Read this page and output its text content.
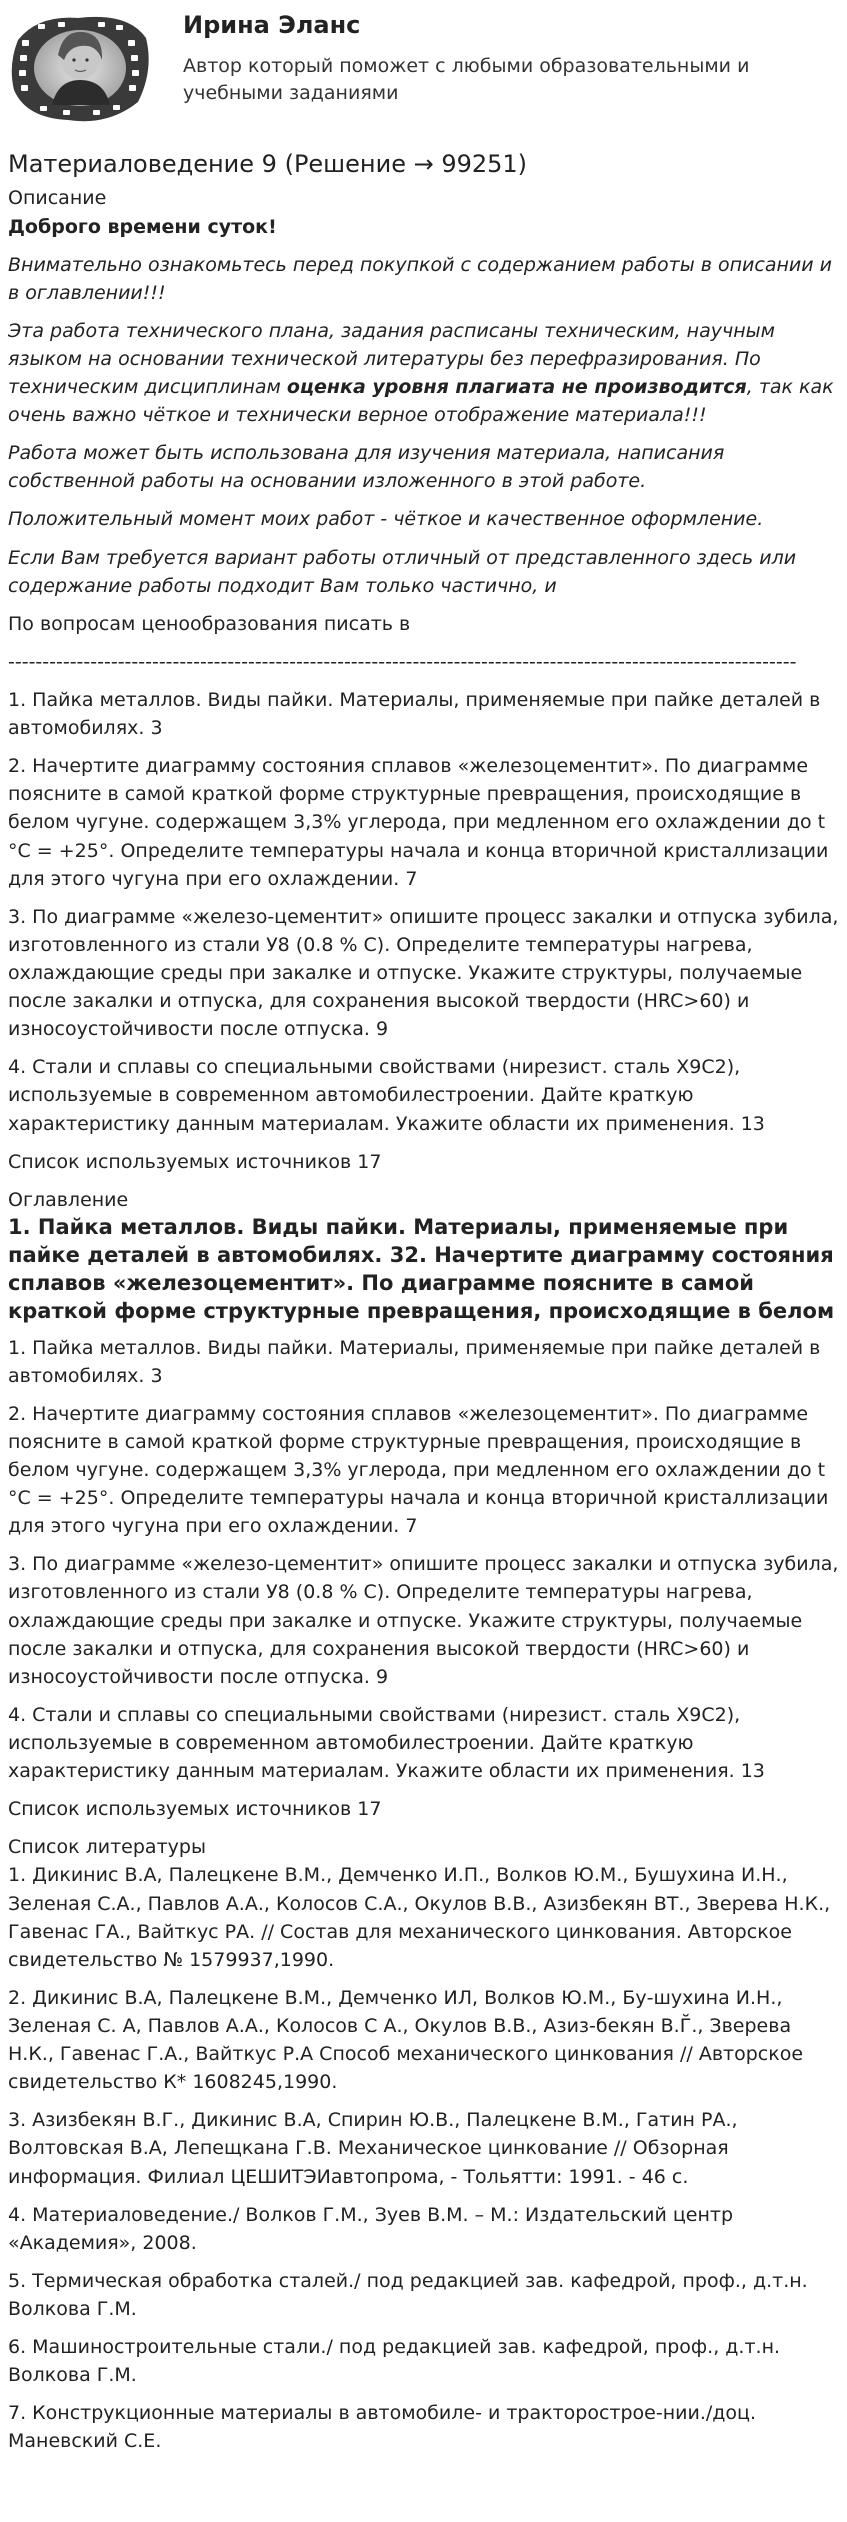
Ирина Эланс
Автор который поможет с любыми образовательными и учебными заданиями
Материаловедение 9 (Решение → 99251)
Описание
Доброго времени суток!
Внимательно ознакомьтесь перед покупкой с содержанием работы в описании и в оглавлении!!!
Эта работа технического плана, задания расписаны техническим, научным языком на основании технической литературы без перефразирования. По техническим дисциплинам оценка уровня плагиата не производится, так как очень важно чёткое и технически верное отображение материала!!!
Работа может быть использована для изучения материала, написания собственной работы на основании изложенного в этой работе.
Положительный момент моих работ - чёткое и качественное оформление.
Если Вам требуется вариант работы отличный от представленного здесь или содержание работы подходит Вам только частично, и
По вопросам ценообразования писать в
-------------------------------------------------------------------------------------------------------------------
1. Пайка металлов. Виды пайки. Материалы, применяемые при пайке деталей в автомобилях. 3
2. Начертите диаграмму состояния сплавов «железоцементит». По диаграмме поясните в самой краткой форме структурные превращения, происходящие в белом чугуне. содержащем 3,3% углерода, при медленном его охлаждении до t °C = +25°. Определите температуры начала и конца вторичной кристаллизации для этого чугуна при его охлаждении. 7
3. По диаграмме «железо-цементит» опишите процесс закалки и отпуска зубила, изготовленного из стали У8 (0.8 % С). Определите температуры нагрева, охлаждающие среды при закалке и отпуске. Укажите структуры, получаемые после закалки и отпуска, для сохранения высокой твердости (HRC>60) и износоустойчивости после отпуска. 9
4. Стали и сплавы со специальными свойствами (нирезист. сталь Х9С2), используемые в современном автомобилестроении. Дайте краткую характеристику данным материалам. Укажите области их применения. 13
Список используемых источников 17
Оглавление
1. Пайка металлов. Виды пайки. Материалы, применяемые при пайке деталей в автомобилях. 32. Начертите диаграмму состояния сплавов «железоцементит». По диаграмме поясните в самой краткой форме структурные превращения, происходящие в белом
1. Пайка металлов. Виды пайки. Материалы, применяемые при пайке деталей в автомобилях. 3
2. Начертите диаграмму состояния сплавов «железоцементит». По диаграмме поясните в самой краткой форме структурные превращения, происходящие в белом чугуне. содержащем 3,3% углерода, при медленном его охлаждении до t °C = +25°. Определите температуры начала и конца вторичной кристаллизации для этого чугуна при его охлаждении. 7
3. По диаграмме «железо-цементит» опишите процесс закалки и отпуска зубила, изготовленного из стали У8 (0.8 % С). Определите температуры нагрева, охлаждающие среды при закалке и отпуске. Укажите структуры, получаемые после закалки и отпуска, для сохранения высокой твердости (HRC>60) и износоустойчивости после отпуска. 9
4. Стали и сплавы со специальными свойствами (нирезист. сталь Х9С2), используемые в современном автомобилестроении. Дайте краткую характеристику данным материалам. Укажите области их применения. 13
Список используемых источников 17
Список литературы
1. Дикинис В.А, Палецкене В.М., Демченко И.П., Волков Ю.М., Бушухина И.Н., Зеленая С.А., Павлов А.А., Колосов С.А., Окулов В.В., Азизбекян ВТ., Зверева Н.К., Гавенас ГА., Вайткус РА. // Состав для механического цинкования. Авторское свидетельство № 1579937,1990.
2. Дикинис В.А, Палецкене В.М., Демченко ИЛ, Волков Ю.М., Бу-шухина И.Н., Зеленая С. А, Павлов А.А., Колосов С А., Окулов В.В., Азиз-бекян В.Г̆., Зверева Н.К., Гавенас Г.А., Вайткус Р.А Способ механического цинкования // Авторское свидетельство К* 1608245,1990.
3. Азизбекян В.Г., Дикинис В.А, Спирин Ю.В., Палецкене В.М., Гатин РА., Волтовская В.А, Лепещкана Г.В. Механическое цинкование // Обзорная информация. Филиал ЦЕШИТЭИавтопрома, - Тольятти: 1991. - 46 с.
4. Материаловедение./ Волков Г.М., Зуев В.М. – М.: Издательский центр «Академия», 2008.
5. Термическая обработка сталей./ под редакцией зав. кафедрой, проф., д.т.н. Волкова Г.М.
6. Машиностроительные стали./ под редакцией зав. кафедрой, проф., д.т.н. Волкова Г.М.
7. Конструкционные материалы в автомобиле- и тракторострое-нии./доц. Маневский С.Е.
